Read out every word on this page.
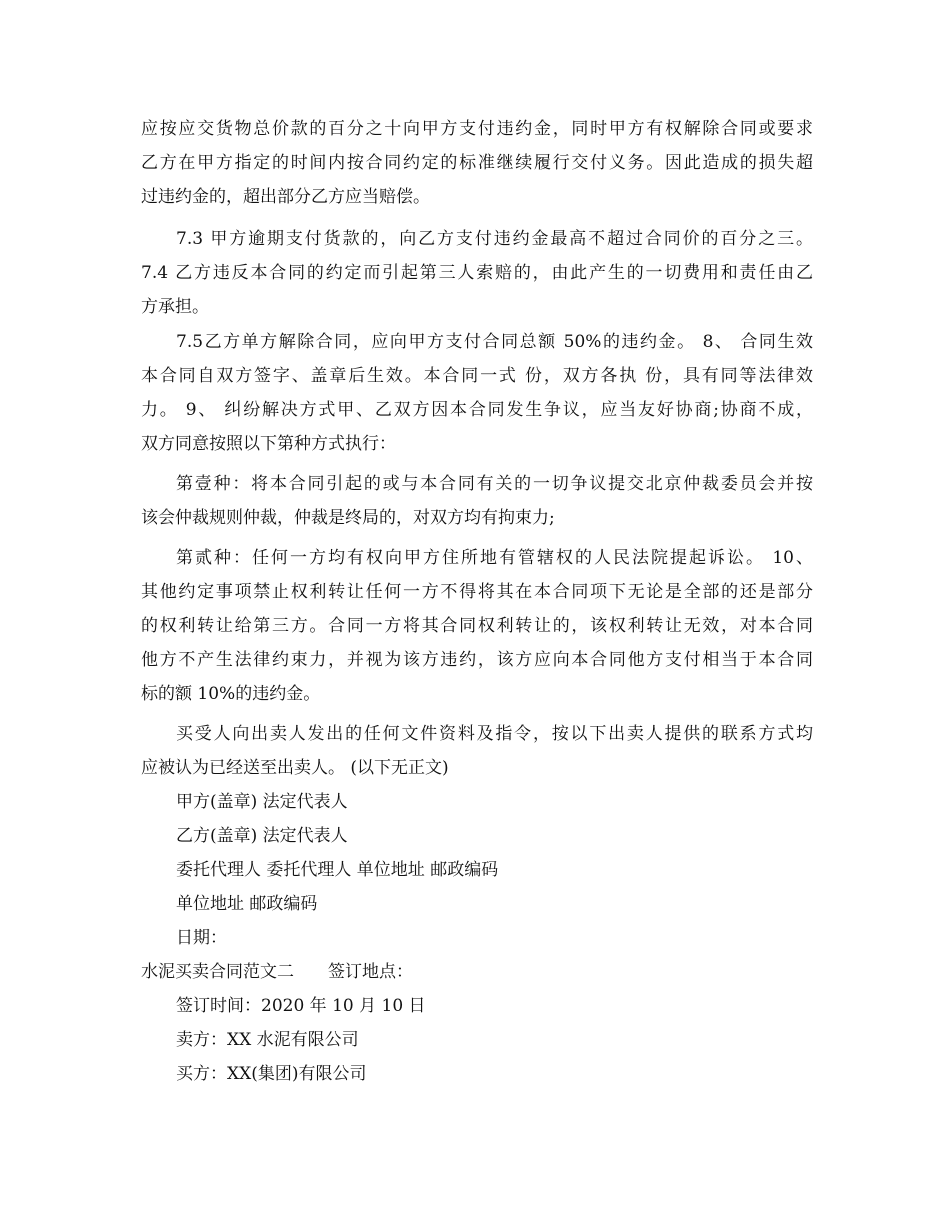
应按应交货物总价款的百分之十向甲方支付违约金，同时甲方有权解除合同或要求
乙方在甲方指定的时间内按合同约定的标准继续履行交付义务。因此造成的损失超
过违约金的，超出部分乙方应当赔偿。
7.3 甲方逾期支付货款的，向乙方支付违约金最高不超过合同价的百分之三。
7.4 乙方违反本合同的约定而引起第三人索赔的，由此产生的一切费用和责任由乙
方承担。
7.5乙方单方解除合同，应向甲方支付合同总额 50%的违约金。 8、 合同生效
本合同自双方签字、盖章后生效。本合同一式 份，双方各执 份，具有同等法律效
力。 9、 纠纷解决方式甲、乙双方因本合同发生争议，应当友好协商;协商不成，
双方同意按照以下第种方式执行：
第壹种：将本合同引起的或与本合同有关的一切争议提交北京仲裁委员会并按
该会仲裁规则仲裁，仲裁是终局的，对双方均有拘束力;
第贰种：任何一方均有权向甲方住所地有管辖权的人民法院提起诉讼。 10、
其他约定事项禁止权利转让任何一方不得将其在本合同项下无论是全部的还是部分
的权利转让给第三方。合同一方将其合同权利转让的，该权利转让无效，对本合同
他方不产生法律约束力，并视为该方违约，该方应向本合同他方支付相当于本合同
标的额 10%的违约金。
买受人向出卖人发出的任何文件资料及指令，按以下出卖人提供的联系方式均
应被认为已经送至出卖人。 (以下无正文)
甲方(盖章) 法定代表人
乙方(盖章) 法定代表人
委托代理人 委托代理人 单位地址 邮政编码
单位地址 邮政编码
日期：
水泥买卖合同范文二　　签订地点：
签订时间：2020 年 10 月 10 日
卖方：XX 水泥有限公司
买方：XX(集团)有限公司
